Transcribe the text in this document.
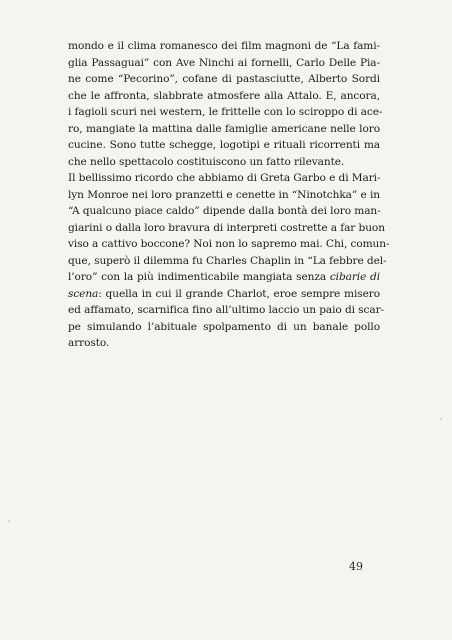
mondo e il clima romanesco dei film magnoni de “La fami-
glia Passaguai” con Ave Ninchi ai fornelli, Carlo Delle Pia-
ne come “Pecorino”, cofane di pastasciutte, Alberto Sordi
che le affronta, slabbrate atmosfere alla Attalo. E, ancora,
i fagioli scuri nei western, le frittelle con lo sciroppo di ace-
ro, mangiate la mattina dalle famiglie americane nelle loro
cucine. Sono tutte schegge, logotipi e rituali ricorrenti ma
che nello spettacolo costituiscono un fatto rilevante.
Il bellissimo ricordo che abbiamo di Greta Garbo e di Mari-
lyn Monroe nei loro pranzetti e cenette in “Ninotchka” e in
“A qualcuno piace caldo” dipende dalla bontà dei loro man-
giarini o dalla loro bravura di interpreti costrette a far buon
viso a cattivo boccone? Noi non lo sapremo mai. Chi, comun-
que, superò il dilemma fu Charles Chaplin in “La febbre del-
l’oro” con la più indimenticabile mangiata senza cibarie di
scena: quella in cui il grande Charlot, eroe sempre misero
ed affamato, scarnifica fino all’ultimo laccio un paio di scar-
pe simulando l’abituale spolpamento di un banale pollo
arrosto.
49
